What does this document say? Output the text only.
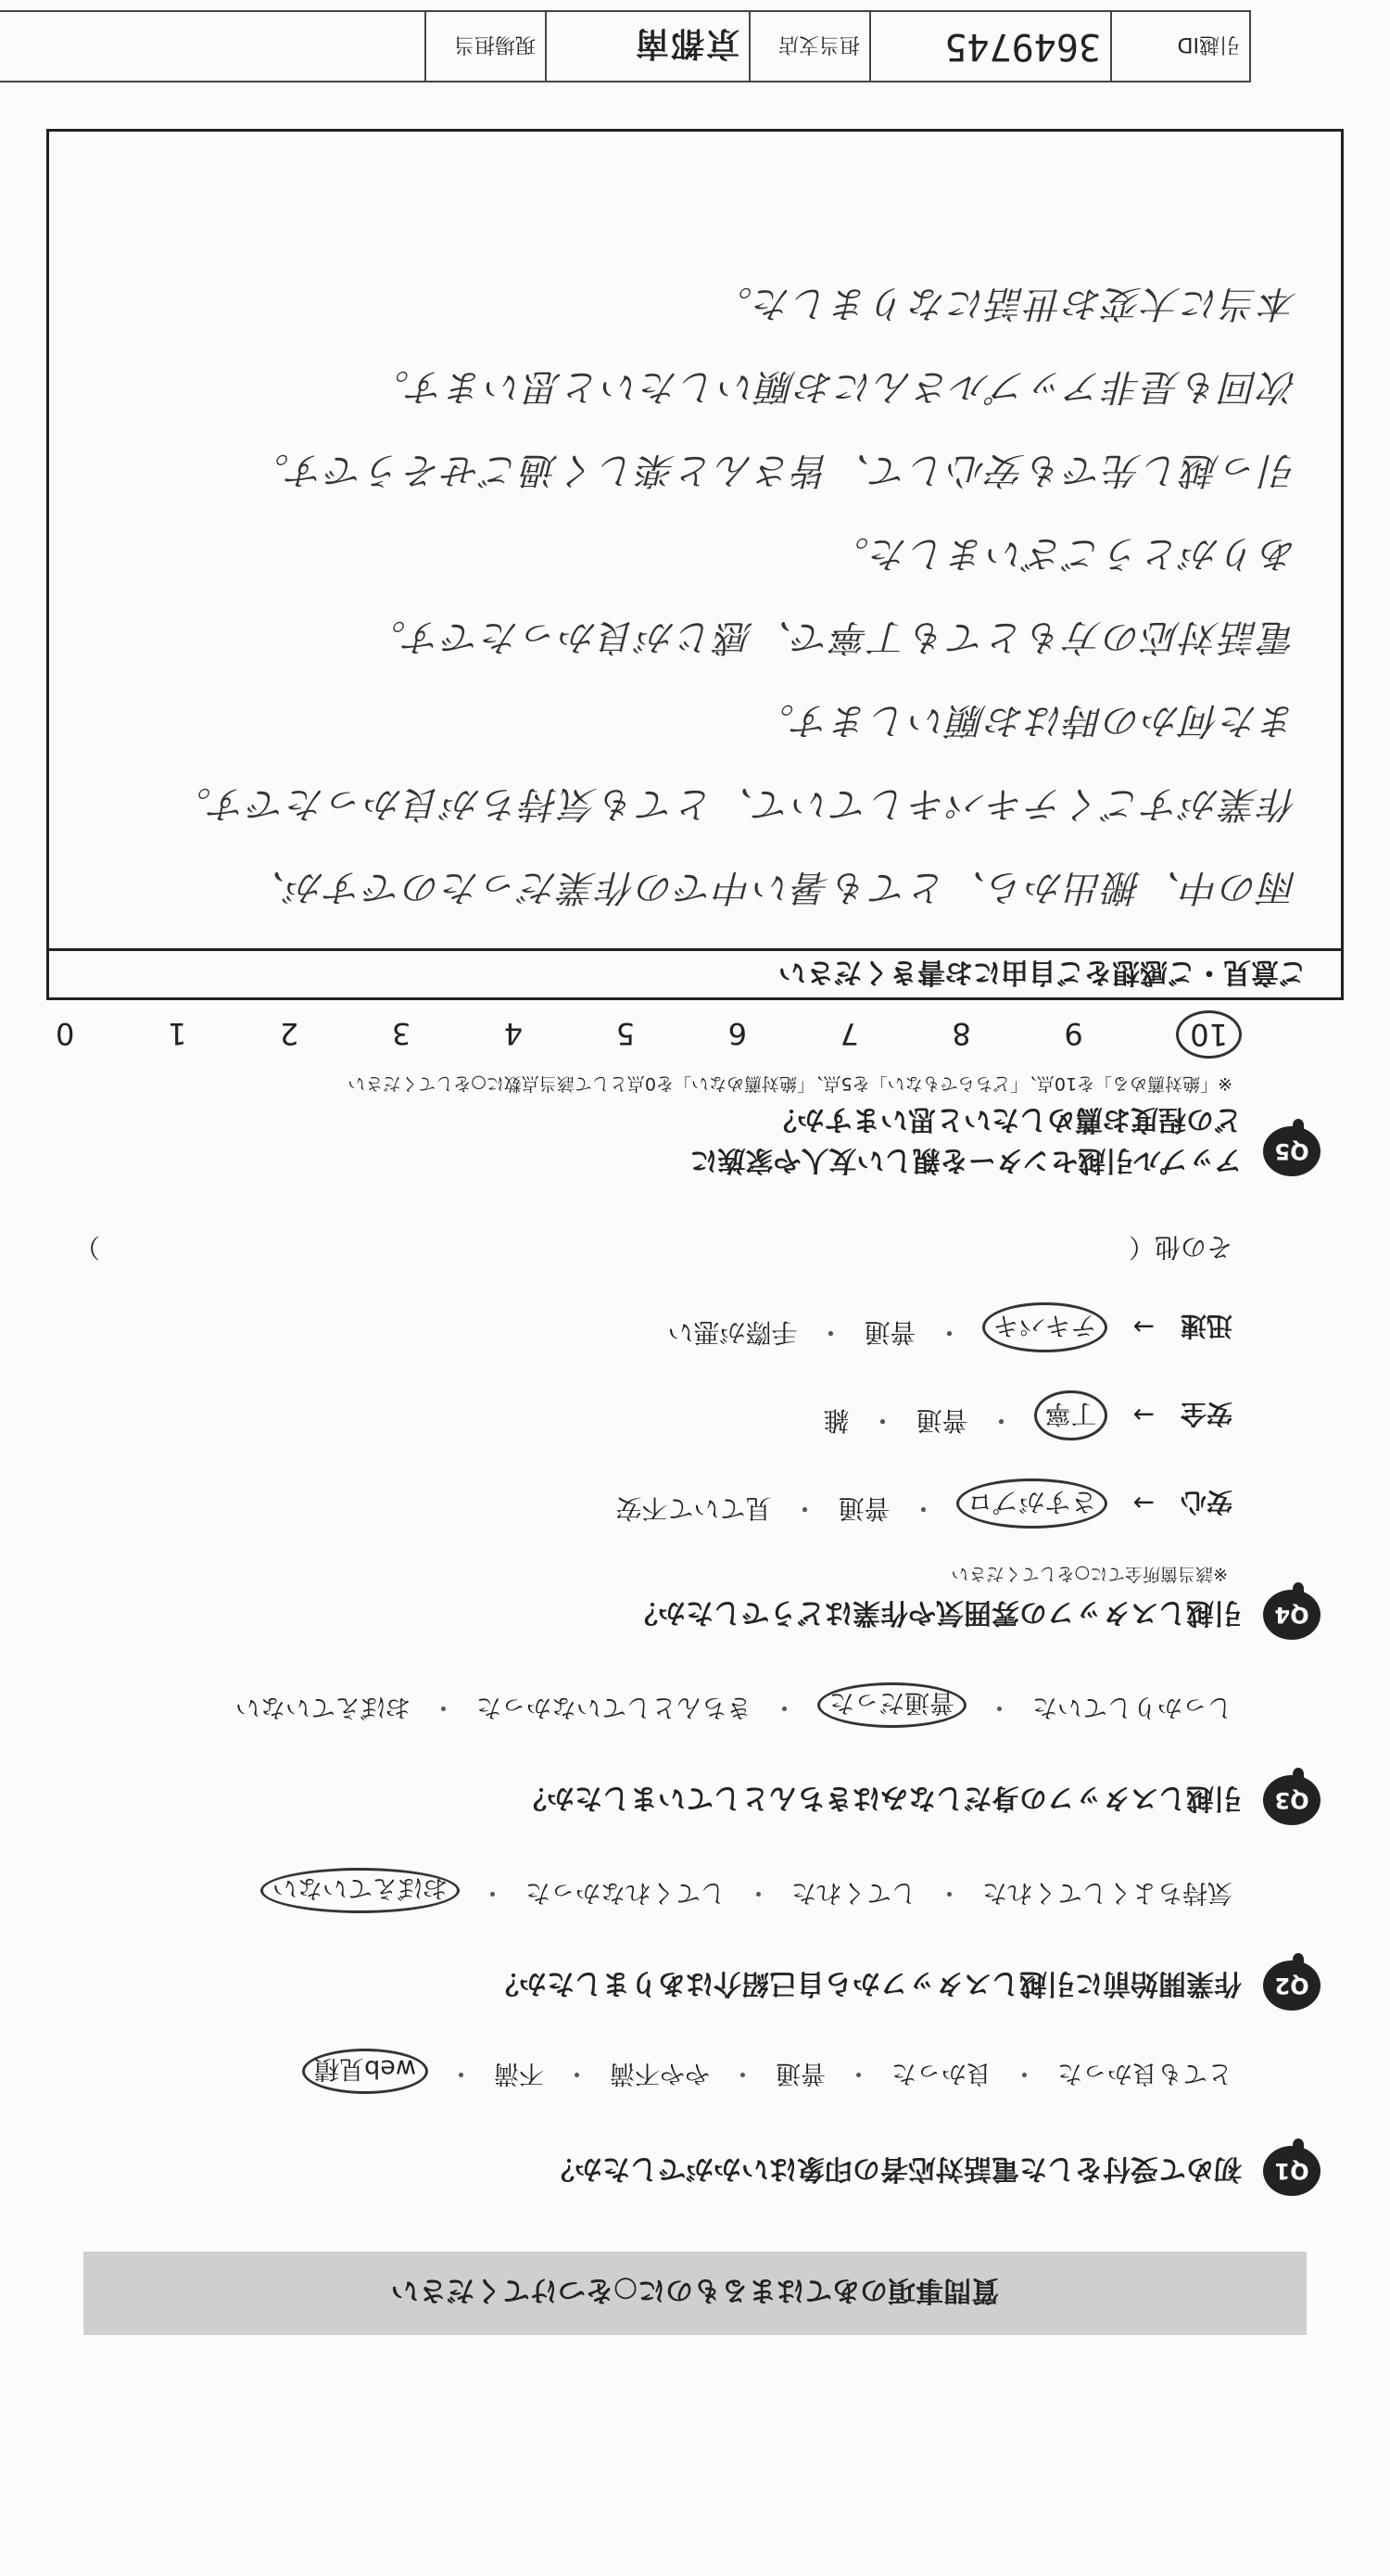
引越ID
3649745
担当支店
京都南
現場担当
質問事項のあてはまるものに○をつけてください
Q1
初めて受付をした電話対応者の印象はいかがでしたか？
とても良かった
・
良かった
・
普通
・
やや不満
・
不満
・
web見積
Q2
作業開始前に引越しスタッフから自己紹介はありましたか？
気持ちよくしてくれた
・
してくれた
・
してくれなかった
・
おぼえていない
Q3
引越しスタッフの身だしなみはきちんとしていましたか？
しっかりしていた
・
普通だった
・
きちんとしていなかった
・
おぼえていない
Q4
引越しスタッフの雰囲気や作業はどうでしたか？
※該当箇所全てに○をしてください
安心
→
さすがプロ
・
普通
・
見ていて不安
安全
→
丁寧
・
普通
・
雑
迅速
→
テキパキ
・
普通
・
手際が悪い
その他（
）
Q5
アップル引越センターを親しい友人や家族に
どの程度お薦めしたいと思いますか？
※「絶対薦める」を10点、「どちらでもない」を5点、「絶対薦めない」を0点として該当点数に○をしてください
10
9
8
7
6
5
4
3
2
1
0
ご意見・ご感想をご自由にお書きください
雨の中、搬出から、とても暑い中での作業だったのですが、
作業がすごくテキパキしていて、とても気持ちが良かったです。
また何かの時はお願いします。
電話対応の方もとても丁寧で、感じが良かったです。
ありがとうございました。
引っ越し先でも安心して、皆さんと楽しく過ごせそうです。
次回も是非アップルさんにお願いしたいと思います。
本当に大変お世話になりました。
